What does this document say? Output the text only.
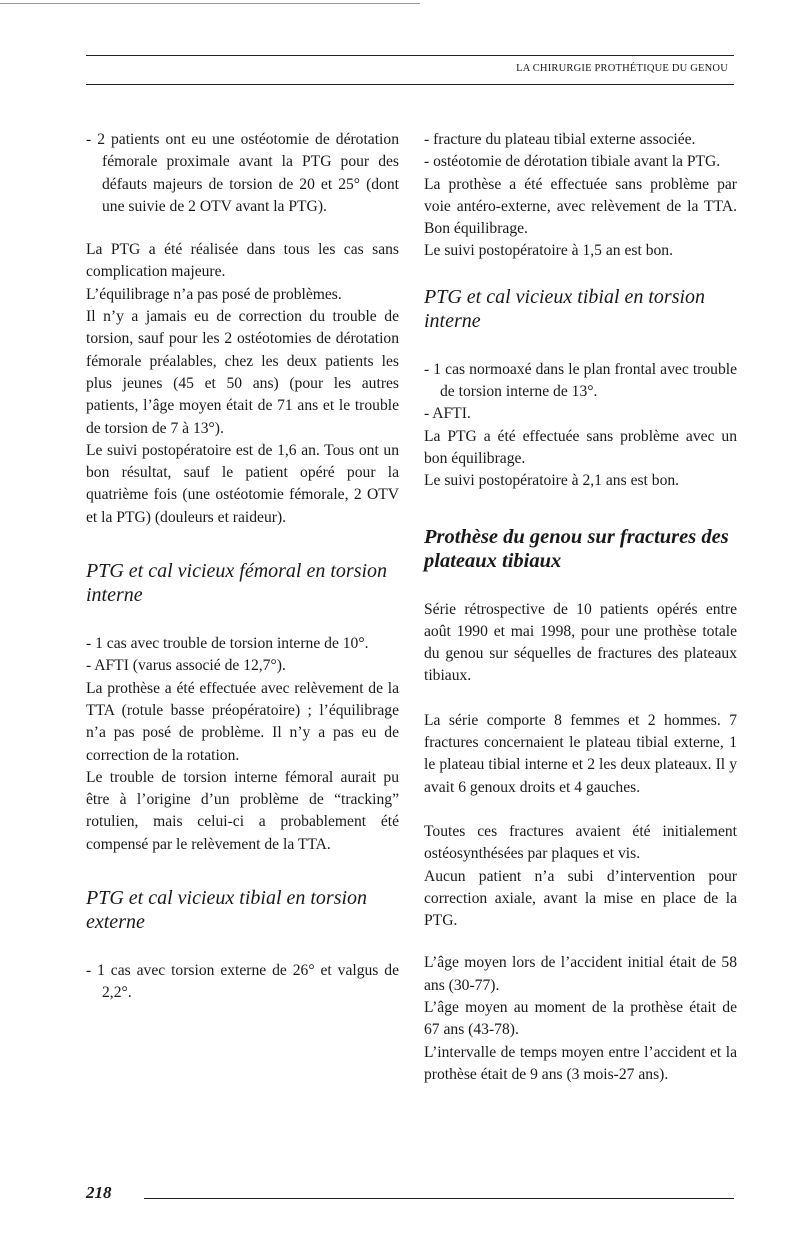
LA CHIRURGIE PROTHÉTIQUE DU GENOU

- 2 patients ont eu une ostéotomie de dérotation fémorale proximale avant la PTG pour des défauts majeurs de torsion de 20 et 25° (dont une suivie de 2 OTV avant la PTG).

La PTG a été réalisée dans tous les cas sans complication majeure.

L’équilibrage n’a pas posé de problèmes.

Il n’y a jamais eu de correction du trouble de torsion, sauf pour les 2 ostéotomies de dérotation fémorale préalables, chez les deux patients les plus jeunes (45 et 50 ans) (pour les autres patients, l’âge moyen était de 71 ans et le trouble de torsion de 7 à 13°).

Le suivi postopératoire est de 1,6 an. Tous ont un bon résultat, sauf le patient opéré pour la quatrième fois (une ostéotomie fémorale, 2 OTV et la PTG) (douleurs et raideur).

PTG et cal vicieux fémoral en torsion interne

- 1 cas avec trouble de torsion interne de 10°.

- AFTI (varus associé de 12,7°).

La prothèse a été effectuée avec relèvement de la TTA (rotule basse préopératoire) ; l’équilibrage n’a pas posé de problème. Il n’y a pas eu de correction de la rotation.

Le trouble de torsion interne fémoral aurait pu être à l’origine d’un problème de “tracking” rotulien, mais celui-ci a probablement été compensé par le relèvement de la TTA.

PTG et cal vicieux tibial en torsion externe

- 1 cas avec torsion externe de 26° et valgus de 2,2°.

- fracture du plateau tibial externe associée.

- ostéotomie de dérotation tibiale avant la PTG.

La prothèse a été effectuée sans problème par voie antéro-externe, avec relèvement de la TTA. Bon équilibrage.

Le suivi postopératoire à 1,5 an est bon.

PTG et cal vicieux tibial en torsion interne

- 1 cas normoaxé dans le plan frontal avec trouble de torsion interne de 13°.

- AFTI.

La PTG a été effectuée sans problème avec un bon équilibrage.

Le suivi postopératoire à 2,1 ans est bon.

Prothèse du genou sur fractures des plateaux tibiaux

Série rétrospective de 10 patients opérés entre août 1990 et mai 1998, pour une prothèse totale du genou sur séquelles de fractures des plateaux tibiaux.

La série comporte 8 femmes et 2 hommes. 7 fractures concernaient le plateau tibial externe, 1 le plateau tibial interne et 2 les deux plateaux. Il y avait 6 genoux droits et 4 gauches.

Toutes ces fractures avaient été initialement ostéosynthésées par plaques et vis.

Aucun patient n’a subi d’intervention pour correction axiale, avant la mise en place de la PTG.

L’âge moyen lors de l’accident initial était de 58 ans (30-77).

L’âge moyen au moment de la prothèse était de 67 ans (43-78).

L’intervalle de temps moyen entre l’accident et la prothèse était de 9 ans (3 mois-27 ans).

218
